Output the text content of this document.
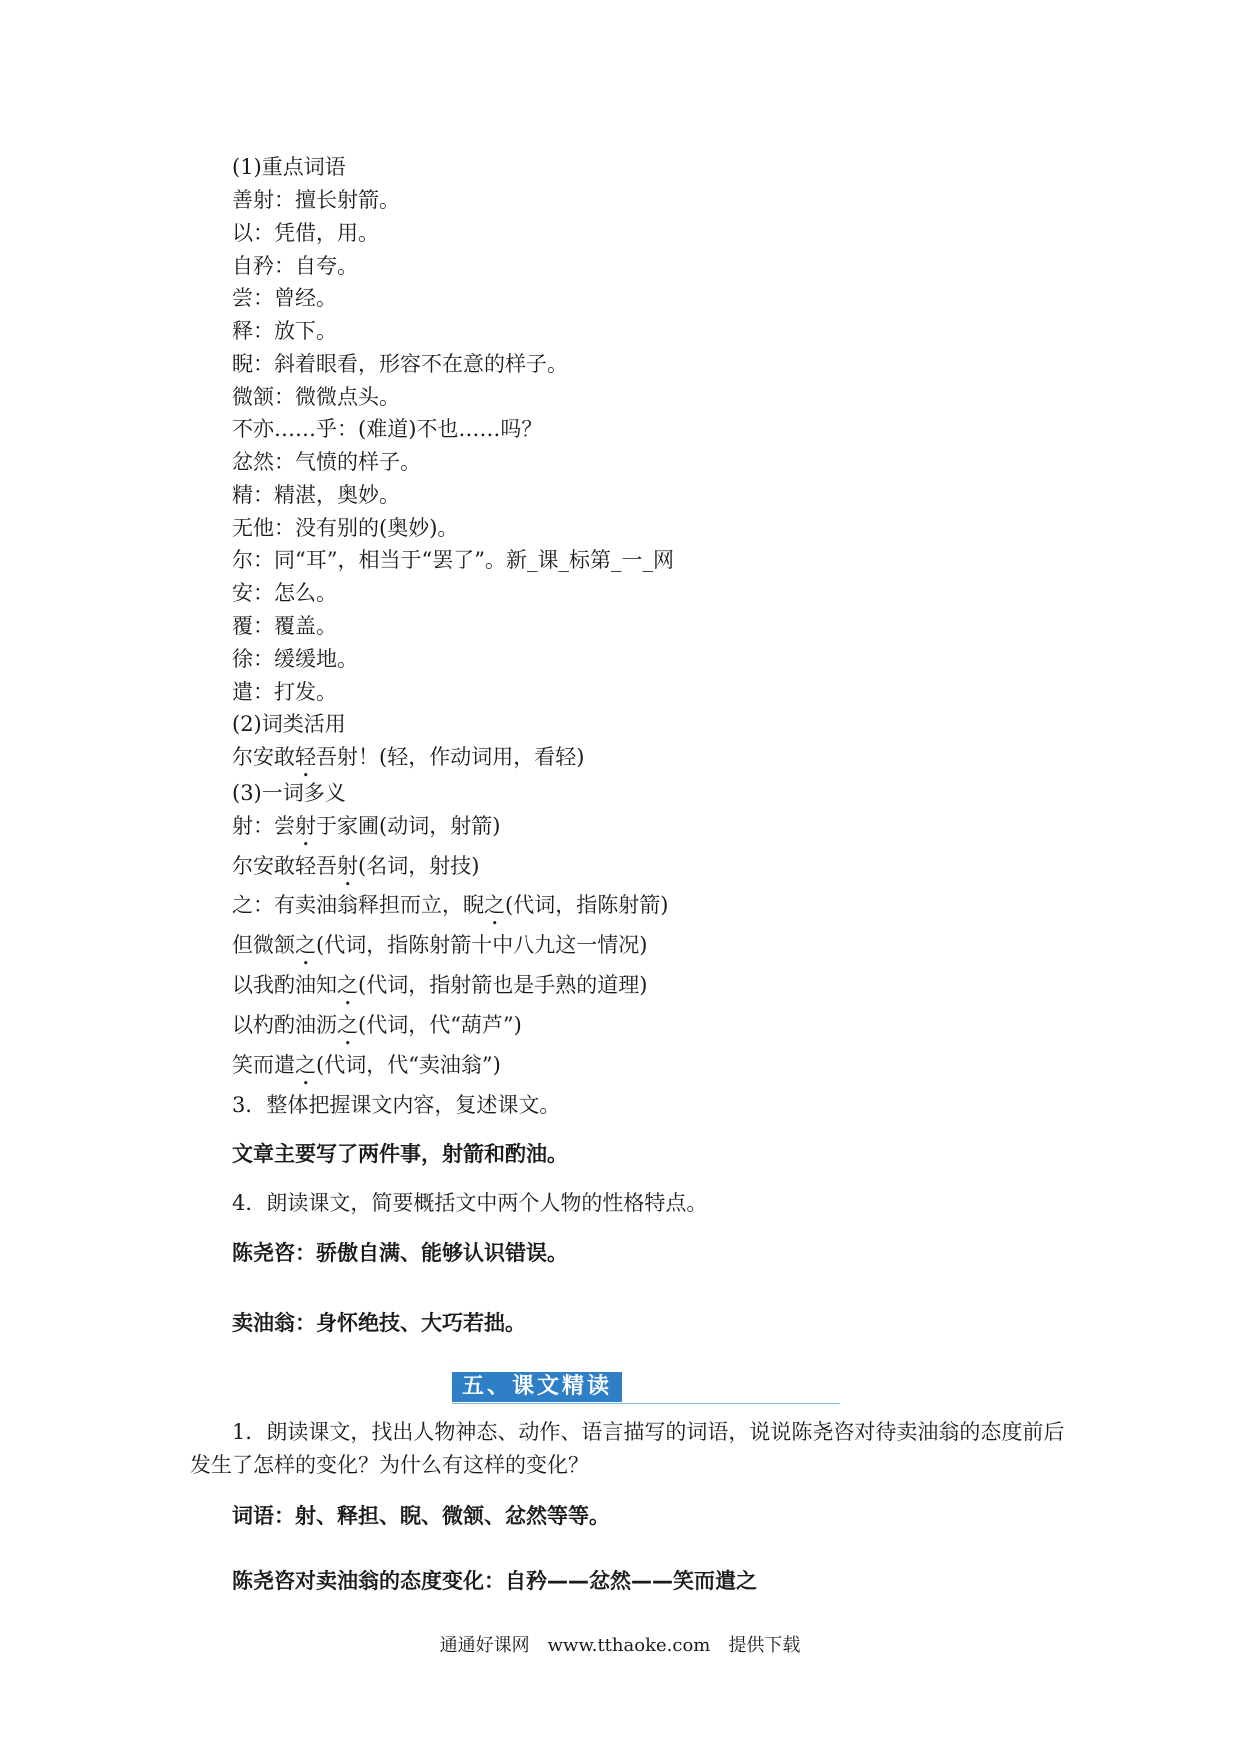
(1)重点词语

善射：擅长射箭。

以：凭借，用。

自矜：自夸。

尝：曾经。

释：放下。

睨：斜着眼看，形容不在意的样子。

微颔：微微点头。

不亦……乎：(难道)不也……吗？

忿然：气愤的样子。

精：精湛，奥妙。

无他：没有别的(奥妙)。

尔：同“耳”，相当于“罢了”。新_课_标第_一_网

安：怎么。

覆：覆盖。

徐：缓缓地。

遣：打发。

(2)词类活用

尔安敢轻吾射！(轻，作动词用，看轻)

(3)一词多义

射：尝射于家圃(动词，射箭)

尔安敢轻吾射(名词，射技)

之：有卖油翁释担而立，睨之(代词，指陈射箭)

但微颔之(代词，指陈射箭十中八九这一情况)

以我酌油知之(代词，指射箭也是手熟的道理)

以杓酌油沥之(代词，代“葫芦”)

笑而遣之(代词，代“卖油翁”)

3．整体把握课文内容，复述课文。

文章主要写了两件事，射箭和酌油。

4．朗读课文，简要概括文中两个人物的性格特点。

陈尧咨：骄傲自满、能够认识错误。

卖油翁：身怀绝技、大巧若拙。

五、课文精读

1．朗读课文，找出人物神态、动作、语言描写的词语，说说陈尧咨对待卖油翁的态度前后发生了怎样的变化？为什么有这样的变化？

词语：射、释担、睨、微颔、忿然等等。

陈尧咨对卖油翁的态度变化：自矜——忿然——笑而遣之

通通好课网　www.tthaoke.com　提供下载
